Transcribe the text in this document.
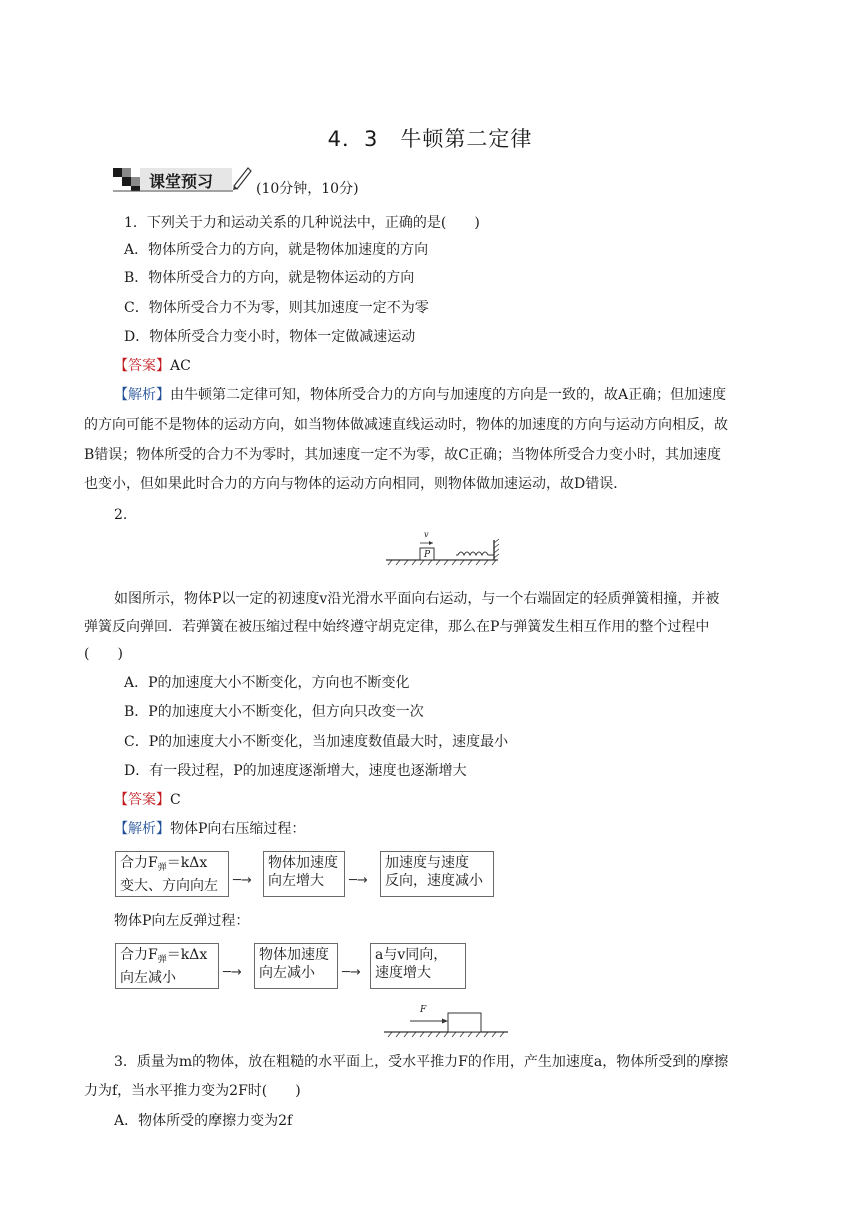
4．3　牛顿第二定律
课堂预习	(10分钟，10分)
1．下列关于力和运动关系的几种说法中，正确的是(　　)
A．物体所受合力的方向，就是物体加速度的方向
B．物体所受合力的方向，就是物体运动的方向
C．物体所受合力不为零，则其加速度一定不为零
D．物体所受合力变小时，物体一定做减速运动
【答案】AC
【解析】由牛顿第二定律可知，物体所受合力的方向与加速度的方向是一致的，故A正确；但加速度
的方向可能不是物体的运动方向，如当物体做减速直线运动时，物体的加速度的方向与运动方向相反，故
B错误；物体所受的合力不为零时，其加速度一定不为零，故C正确；当物体所受合力变小时，其加速度
也变小，但如果此时合力的方向与物体的运动方向相同，则物体做加速运动，故D错误．
2.
v
P
如图所示，物体P以一定的初速度v沿光滑水平面向右运动，与一个右端固定的轻质弹簧相撞，并被
弹簧反向弹回．若弹簧在被压缩过程中始终遵守胡克定律，那么在P与弹簧发生相互作用的整个过程中
(　　)
A．P的加速度大小不断变化，方向也不断变化
B．P的加速度大小不断变化，但方向只改变一次
C．P的加速度大小不断变化，当加速度数值最大时，速度最小
D．有一段过程，P的加速度逐渐增大，速度也逐渐增大
【答案】C
【解析】物体P向右压缩过程：
合力$F_弹=k\Delta x$
变大、方向向左	─→
物体加速度
向左增大	─→
加速度与速度
反向，速度减小
物体P向左反弹过程：
合力$F_弹=k\Delta x$
向左减小	─→
物体加速度
向左减小	─→
a与v同向，
速度增大
F
3．质量为m的物体，放在粗糙的水平面上，受水平推力F的作用，产生加速度a，物体所受到的摩擦
力为f，当水平推力变为2F时(　　)
A．物体所受的摩擦力变为2f
